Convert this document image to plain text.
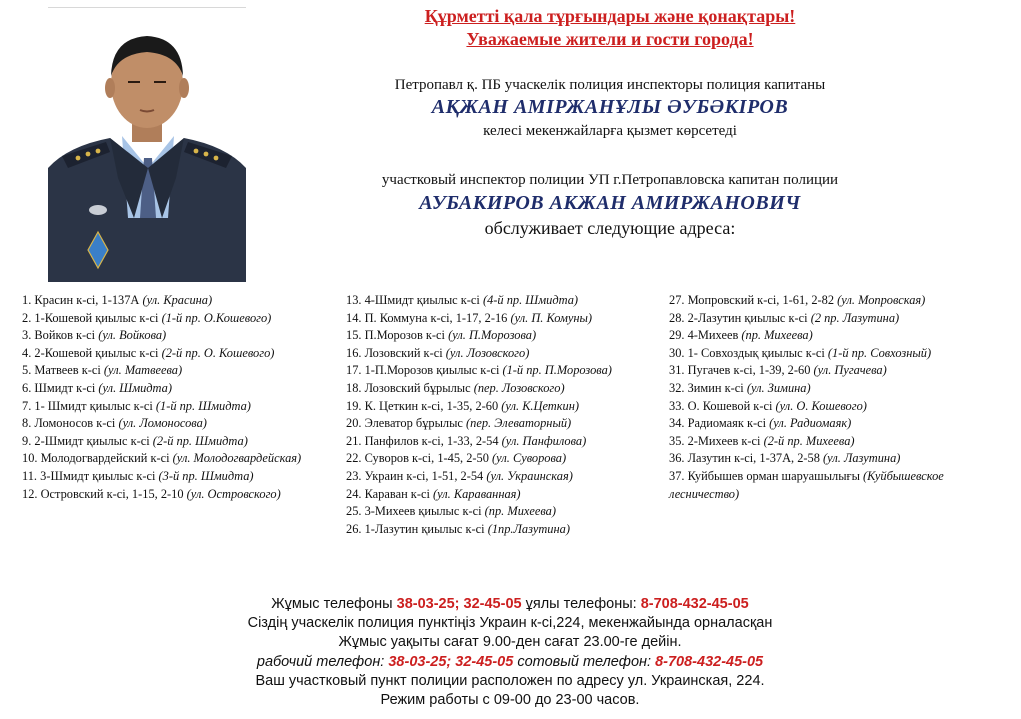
Құрметті қала тұрғындары және қонақтары!
Уважаемые жители и гости города!
Петропавл қ. ПБ учаскелік полиция инспекторы полиция капитаны
АҚЖАН АМІРЖАНҰЛЫ ӘУБӘКІРОВ
келесі мекенжайларға қызмет көрсетеді
участковый инспектор полиции УП г.Петропавловска капитан полиции
АУБАКИРОВ АКЖАН АМИРЖАНОВИЧ
обслуживает следующие адреса:
1. Красин к-сі, 1-137А (ул. Красина)
2. 1-Кошевой қиылыс к-сі (1-й пр. О.Кошевого)
3. Войков к-сі (ул. Войкова)
4. 2-Кошевой қиылыс к-сі (2-й пр. О. Кошевого)
5. Матвеев к-сі (ул. Матвеева)
6. Шмидт к-сі (ул. Шмидта)
7. 1- Шмидт қиылыс к-сі (1-й пр. Шмидта)
8. Ломоносов к-сі (ул. Ломоносова)
9. 2-Шмидт қиылыс к-сі (2-й пр. Шмидта)
10. Молодогвардейский к-сі (ул. Молодогвардейская)
11. 3-Шмидт қиылыс к-сі (3-й пр. Шмидта)
12. Островский к-сі, 1-15, 2-10 (ул. Островского)
13. 4-Шмидт қиылыс к-сі (4-й пр. Шмидта)
14. П. Коммуна к-сі, 1-17, 2-16 (ул. П. Комуны)
15. П.Морозов к-сі (ул. П.Морозова)
16. Лозовский к-сі (ул. Лозовского)
17. 1-П.Морозов қиылыс к-сі (1-й пр. П.Морозова)
18. Лозовский бұрылыс (пер. Лозовского)
19. К. Цеткин к-сі, 1-35, 2-60 (ул. К.Цеткин)
20. Элеватор бұрылыс (пер. Элеваторный)
21. Панфилов к-сі, 1-33, 2-54 (ул. Панфилова)
22. Суворов к-сі, 1-45, 2-50 (ул. Суворова)
23. Украин к-сі, 1-51, 2-54 (ул. Украинская)
24. Караван к-сі (ул. Караванная)
25. 3-Михеев қиылыс к-сі (пр. Михеева)
26. 1-Лазутин қиылыс к-сі (1пр.Лазутина)
27. Мопровский к-сі, 1-61, 2-82 (ул. Мопровская)
28. 2-Лазутин қиылыс к-сі (2 пр. Лазутина)
29. 4-Михеев (пр. Михеева)
30. 1- Совхоздық қиылыс к-сі (1-й пр. Совхозный)
31. Пугачев к-сі, 1-39, 2-60 (ул. Пугачева)
32. Зимин к-сі (ул. Зимина)
33. О. Кошевой к-сі (ул. О. Кошевого)
34. Радиомаяк к-сі (ул. Радиомаяк)
35. 2-Михеев к-сі (2-й пр. Михеева)
36. Лазутин к-сі, 1-37А, 2-58 (ул. Лазутина)
37. Куйбышев орман шаруашылығы (Куйбышевское лесничество)
Жұмыс телефоны 38-03-25; 32-45-05 ұялы телефоны: 8-708-432-45-05
Сіздің учаскелік полиция пунктіңіз Украин к-сі,224, мекенжайында орналасқан
Жұмыс уақыты сағат 9.00-ден сағат 23.00-ге дейін.
рабочий телефон: 38-03-25; 32-45-05 сотовый телефон: 8-708-432-45-05
Ваш участковый пункт полиции расположен по адресу ул. Украинская, 224.
Режим работы с 09-00 до 23-00 часов.
